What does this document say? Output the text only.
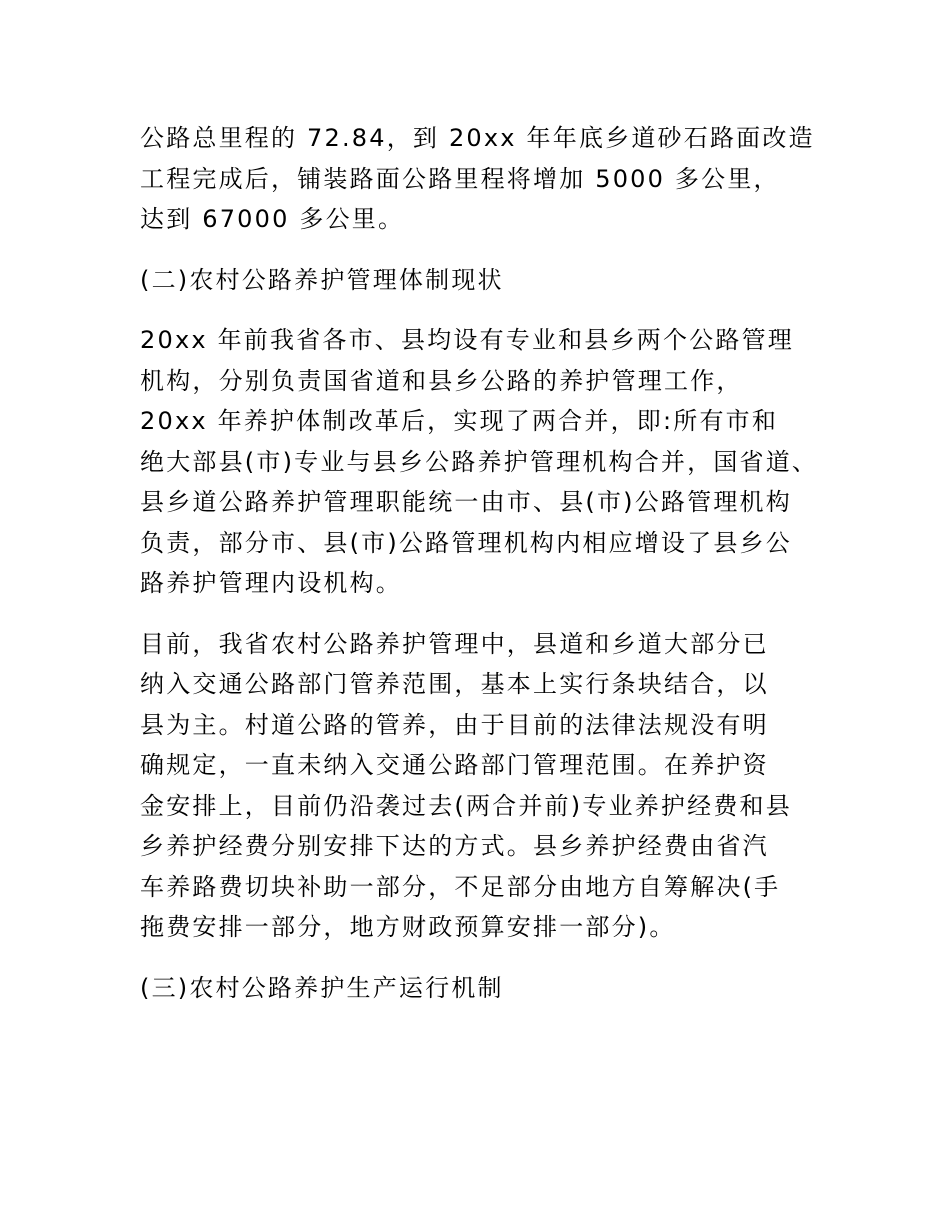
公路总里程的 72.84，到 20xx 年年底乡道砂石路面改造
工程完成后，铺装路面公路里程将增加 5000 多公里，
达到 67000 多公里。
(二)农村公路养护管理体制现状
20xx 年前我省各市、县均设有专业和县乡两个公路管理
机构，分别负责国省道和县乡公路的养护管理工作，
20xx 年养护体制改革后，实现了两合并，即:所有市和
绝大部县(市)专业与县乡公路养护管理机构合并，国省道、
县乡道公路养护管理职能统一由市、县(市)公路管理机构
负责，部分市、县(市)公路管理机构内相应增设了县乡公
路养护管理内设机构。
目前，我省农村公路养护管理中，县道和乡道大部分已
纳入交通公路部门管养范围，基本上实行条块结合，以
县为主。村道公路的管养，由于目前的法律法规没有明
确规定，一直未纳入交通公路部门管理范围。在养护资
金安排上，目前仍沿袭过去(两合并前)专业养护经费和县
乡养护经费分别安排下达的方式。县乡养护经费由省汽
车养路费切块补助一部分，不足部分由地方自筹解决(手
拖费安排一部分，地方财政预算安排一部分)。
(三)农村公路养护生产运行机制
